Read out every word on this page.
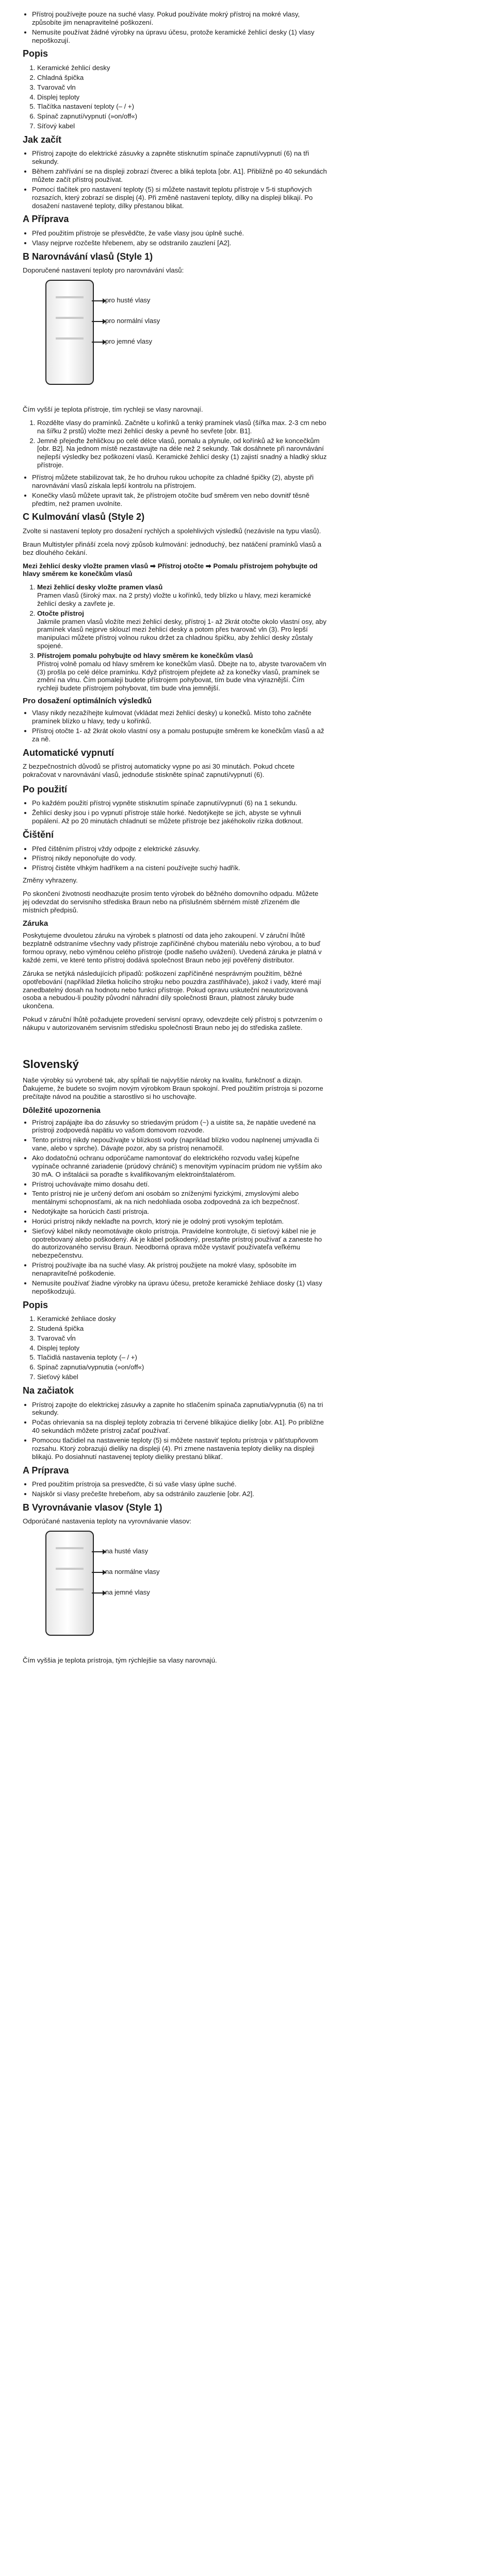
• Přístroj používejte pouze na suché vlasy. Pokud používáte mokrý přístroj na mokré vlasy, způsobíte jim nenapravitelné poškození.
• Nemusíte používat žádné výrobky na úpravu účesu, protože keramické žehlicí desky (1) vlasy nepoškozují.
Popis
1. Keramické žehlicí desky
2. Chladná špička
3. Tvarovač vln
4. Displej teploty
5. Tlačítka nastavení teploty (– / +)
6. Spínač zapnutí/vypnutí (»on/off«)
7. Síťový kabel
Jak začít
• Přístroj zapojte do elektrické zásuvky a zapněte stisknutím spínače zapnutí/vypnutí (6) na tři sekundy.
• Během zahřívání se na displeji zobrazí čtverec a bliká teplota [obr. A1]. Přibližně po 40 sekundách můžete začít přístroj používat.
• Pomocí tlačítek pro nastavení teploty (5) si můžete nastavit teplotu přístroje v 5-ti stupňových rozsazích, který zobrazí se displej (4). Při změně nastavení teploty, dílky na displeji blikají. Po dosažení nastavené teploty, dílky přestanou blikat.
A Příprava
• Před použitím přístroje se přesvědčte, že vaše vlasy jsou úplně suché.
• Vlasy nejprve rozčešte hřebenem, aby se odstranilo zauzlení [A2].
B Narovnávání vlasů (Style 1)

Doporučené nastavení teploty pro narovnávání vlasů:

pro husté vlasy
pro normální vlasy
pro jemné vlasy

Čím vyšší je teplota přístroje, tím rychleji se vlasy narovnají.

1. Rozdělte vlasy do pramínků. Začněte u kořínků a tenký pramínek vlasů (šířka max. 2-3 cm nebo na šířku 2 prstů) vložte mezi žehlicí desky a pevně ho sevřete [obr. B1].
2. Jemně přejeďte žehličkou po celé délce vlasů, pomalu a plynule, od kořínků až ke koncečkům [obr. B2]. Na jednom místě nezastavujte na déle než 2 sekundy. Tak dosáhnete při narovnávání nejlepší výsledky bez poškození vlasů. Keramické žehlicí desky (1) zajistí snadný a hladký skluz přístroje.
• Přístroj můžete stabilizovat tak, že ho druhou rukou uchopíte za chladné špičky (2), abyste při narovnávání vlasů získala lepší kontrolu na přístrojem.
• Konečky vlasů můžete upravit tak, že přístrojem otočíte buď směrem ven nebo dovnitř těsně předtím, než pramen uvolníte.
C Kulmování vlasů (Style 2)

Zvolte si nastavení teploty pro dosažení rychlých a spolehlivých výsledků (nezávisle na typu vlasů).

Braun Multistyler přináší zcela nový způsob kulmování: jednoduchý, bez natáčení pramínků vlasů a bez dlouhého čekání.

Mezi žehlicí desky vložte pramen vlasů ➡ Přístroj otočte ➡ Pomalu přístrojem pohybujte od hlavy směrem ke konečkům vlasů

1. Mezi žehlicí desky vložte pramen vlasů
Pramen vlasů (široký max. na 2 prsty) vložte u kořínků, tedy blízko u hlavy, mezi keramické žehlicí desky a zavřete je.
2. Otočte přístroj
Jakmile pramen vlasů vložíte mezi žehlicí desky, přístroj 1- až 2krát otočte okolo vlastní osy, aby pramínek vlasů nejprve sklouzl mezi žehlicí desky a potom přes tvarovač vln (3). Pro lepší manipulaci můžete přístroj volnou rukou držet za chladnou špičku, aby žehlicí desky zůstaly spojené.
3. Přístrojem pomalu pohybujte od hlavy směrem ke konečkům vlasů
Přístroj volně pomalu od hlavy směrem ke konečkům vlasů. Dbejte na to, abyste tvarovačem vln (3) prošla po celé délce pramínku. Když přístrojem přejdete až za konečky vlasů, pramínek se změní na vlnu. Čím pomaleji budete přístrojem pohybovat, tím bude vlna výraznější. Čím rychleji budete přístrojem pohybovat, tím bude vlna jemnější.
Pro dosažení optimálních výsledků
• Vlasy nikdy nezažíhejte kulmovat (vkládat mezi žehlicí desky) u konečků. Místo toho začněte pramínek blízko u hlavy, tedy u kořínků.
• Přístroj otočte 1- až 2krát okolo vlastní osy a pomalu postupujte směrem ke konečkům vlasů a až za ně.
Automatické vypnutí

Z bezpečnostních důvodů se přístroj automaticky vypne po asi 30 minutách. Pokud chcete pokračovat v narovnávání vlasů, jednoduše stiskněte spínač zapnutí/vypnutí (6).

Po použití
• Po každém použití přístroj vypněte stisknutím spínače zapnutí/vypnutí (6) na 1 sekundu.
• Žehlicí desky jsou i po vypnutí přístroje stále horké. Nedotýkejte se jich, abyste se vyhnuli popálení. Až po 20 minutách chladnutí se můžete přístroje bez jakéhokoliv rizika dotknout.
Čištění
• Před čištěním přístroj vždy odpojte z elektrické zásuvky.
• Přístroj nikdy neponořujte do vody.
• Přístroj čistěte vlhkým hadříkem a na cistení používejte suchý hadřík.

Změny vyhrazeny.

Po skončení životnosti neodhazujte prosím tento výrobek do běžného domovního odpadu. Můžete jej odevzdat do servisního střediska Braun nebo na příslušném sběrném místě zřízeném dle místních předpisů.

Záruka

Poskytujeme dvouletou záruku na výrobek s platností od data jeho zakoupení. V záruční lhůtě bezplatně odstraníme všechny vady přístroje zapříčiněné chybou materiálu nebo výrobou, a to buď formou opravy, nebo výměnou celého přístroje (podle našeho uvážení). Uvedená záruka je platná v každé zemi, ve které tento přístroj dodává společnost Braun nebo její pověřený distributor.

Záruka se netýká následujících případů: poškození zapříčiněné nesprávným použitím, běžné opotřebování (například žiletka holicího strojku nebo pouzdra zastřihávače), jakož i vady, které mají zanedbatelný dosah na hodnotu nebo funkci přístroje. Pokud opravu uskuteční neautorizovaná osoba a nebudou-li použity původní náhradní díly společnosti Braun, platnost záruky bude ukončena.

Pokud v záruční lhůtě požadujete provedení servisní opravy, odevzdejte celý přístroj s potvrzením o nákupu v autorizovaném servisním středisku společnosti Braun nebo jej do střediska zašlete.

Slovenský

Naše výrobky sú vyrobené tak, aby spĺňali tie najvyššie nároky na kvalitu, funkčnosť a dizajn. Ďakujeme, že budete so svojim novým výrobkom Braun spokojní. Pred použitím prístroja si pozorne prečítajte návod na použitie a starostlivo si ho uschovajte.

Dôležité upozornenia
• Prístroj zapájajte iba do zásuvky so striedavým prúdom (~) a uistite sa, že napätie uvedené na prístroji zodpovedá napätiu vo vašom domovom rozvode.
• Tento prístroj nikdy nepoužívajte v blízkosti vody (napríklad blízko vodou naplnenej umývadla či vane, alebo v sprche). Dávajte pozor, aby sa prístroj nenamočil.
• Ako dodatočnú ochranu odporúčame namontovať do elektrického rozvodu vašej kúpeľne vypínače ochranné zariadenie (prúdový chránič) s menovitým vypínacím prúdom nie vyšším ako 30 mA. O inštalácii sa poraďte s kvalifikovaným elektroinštalatérom.
• Prístroj uchovávajte mimo dosahu detí.
• Tento prístroj nie je určený deťom ani osobám so zníženými fyzickými, zmyslovými alebo mentálnymi schopnosťami, ak na nich nedohliada osoba zodpovedná za ich bezpečnosť.
• Nedotýkajte sa horúcich častí prístroja.
• Horúci prístroj nikdy neklaďte na povrch, ktorý nie je odolný proti vysokým teplotám.
• Sieťový kábel nikdy neomotávajte okolo prístroja. Pravidelne kontrolujte, či sieťový kábel nie je opotrebovaný alebo poškodený. Ak je kábel poškodený, prestaňte prístroj používať a zaneste ho do autorizovaného servisu Braun. Neodborná oprava môže vystaviť používateľa veľkému nebezpečenstvu.
• Prístroj používajte iba na suché vlasy. Ak prístroj použijete na mokré vlasy, spôsobíte im nenapraviteľné poškodenie.
• Nemusíte používať žiadne výrobky na úpravu účesu, pretože keramické žehliace dosky (1) vlasy nepoškodzujú.
Popis
1. Keramické žehliace dosky
2. Studená špička
3. Tvarovač vĺn
4. Displej teploty
5. Tlačidlá nastavenia teploty (– / +)
6. Spínač zapnutia/vypnutia (»on/off«)
7. Sieťový kábel
Na začiatok
• Prístroj zapojte do elektrickej zásuvky a zapnite ho stlačením spínača zapnutia/vypnutia (6) na tri sekundy.
• Počas ohrievania sa na displeji teploty zobrazia tri červené blikajúce dieliky [obr. A1]. Po približne 40 sekundách môžete prístroj začať používať.
• Pomocou tlačidiel na nastavenie teploty (5) si môžete nastaviť teplotu prístroja v päťstupňovom rozsahu. Ktorý zobrazujú dieliky na displeji (4). Pri zmene nastavenia teploty dieliky na displeji blikajú. Po dosiahnutí nastavenej teploty dieliky prestanú blikať.
A Príprava
• Pred použitím prístroja sa presvedčte, či sú vaše vlasy úplne suché.
• Najskôr si vlasy prečešte hrebeňom, aby sa odstránilo zauzlenie [obr. A2].
B Vyrovnávanie vlasov (Style 1)

Odporúčané nastavenia teploty na vyrovnávanie vlasov:

na husté vlasy
na normálne vlasy
na jemné vlasy

Čím vyššia je teplota prístroja, tým rýchlejšie sa vlasy narovnajú.
